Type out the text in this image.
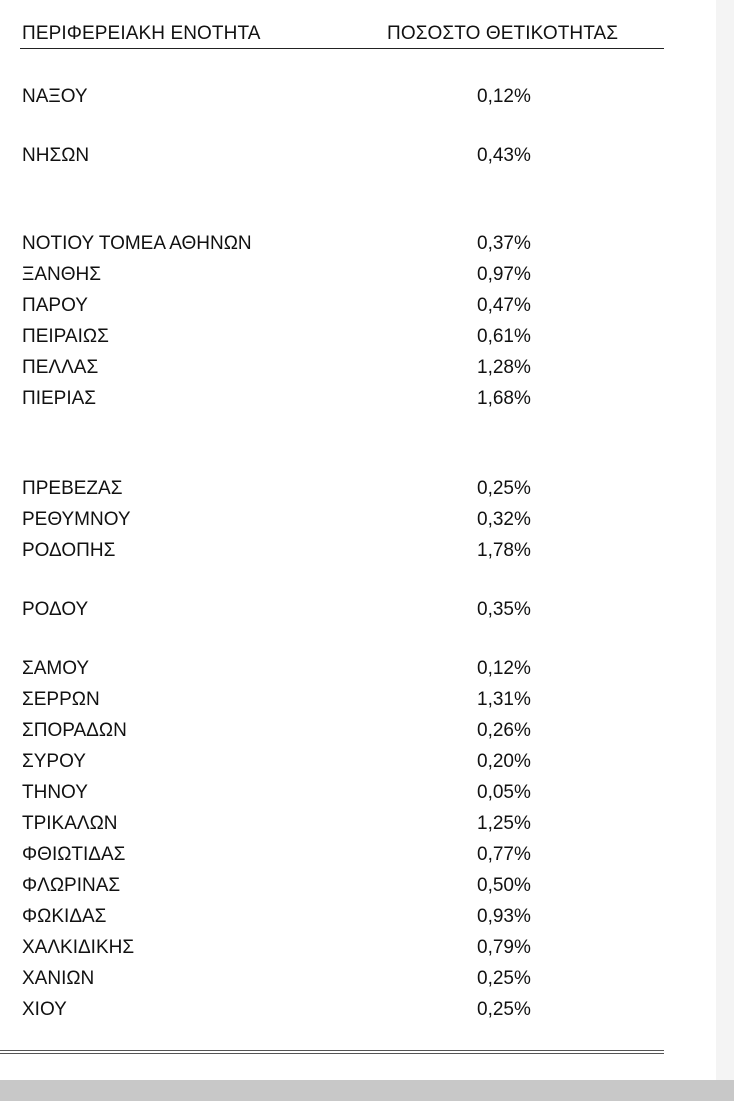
ΠΕΡΙΦΕΡΕΙΑΚΗ ΕΝΟΤΗΤΑ	ΠΟΣΟΣΤΟ ΘΕΤΙΚΟΤΗΤΑΣ
ΝΑΞΟΥ	0,12%
ΝΗΣΩΝ	0,43%
ΝΟΤΙΟΥ ΤΟΜΕΑ ΑΘΗΝΩΝ	0,37%
ΞΑΝΘΗΣ	0,97%
ΠΑΡΟΥ	0,47%
ΠΕΙΡΑΙΩΣ	0,61%
ΠΕΛΛΑΣ	1,28%
ΠΙΕΡΙΑΣ	1,68%
ΠΡΕΒΕΖΑΣ	0,25%
ΡΕΘΥΜΝΟΥ	0,32%
ΡΟΔΟΠΗΣ	1,78%
ΡΟΔΟΥ	0,35%
ΣΑΜΟΥ	0,12%
ΣΕΡΡΩΝ	1,31%
ΣΠΟΡΑΔΩΝ	0,26%
ΣΥΡΟΥ	0,20%
ΤΗΝΟΥ	0,05%
ΤΡΙΚΑΛΩΝ	1,25%
ΦΘΙΩΤΙΔΑΣ	0,77%
ΦΛΩΡΙΝΑΣ	0,50%
ΦΩΚΙΔΑΣ	0,93%
ΧΑΛΚΙΔΙΚΗΣ	0,79%
ΧΑΝΙΩΝ	0,25%
ΧΙΟΥ	0,25%
